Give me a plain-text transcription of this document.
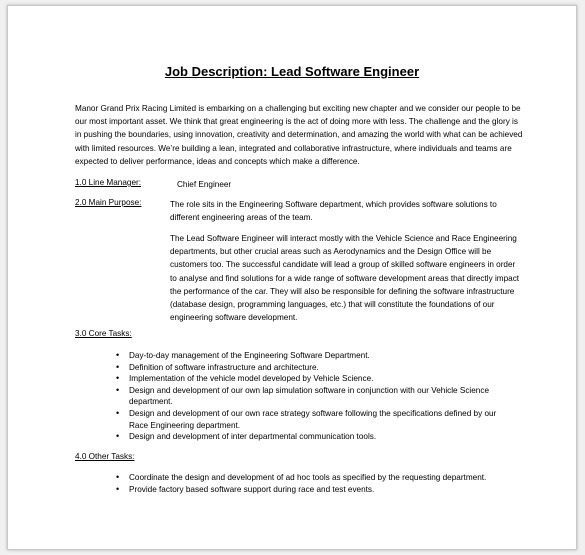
Job Description: Lead Software Engineer
Manor Grand Prix Racing Limited is embarking on a challenging but exciting new chapter and we consider our people to be our most important asset. We think that great engineering is the act of doing more with less. The challenge and the glory is in pushing the boundaries, using innovation, creativity and determination, and amazing the world with what can be achieved with limited resources. We’re building a lean, integrated and collaborative infrastructure, where individuals and teams are expected to deliver performance, ideas and concepts which make a difference.
1.0 Line Manager:	Chief Engineer
2.0 Main Purpose:	The role sits in the Engineering Software department, which provides software solutions to different engineering areas of the team.
The Lead Software Engineer will interact mostly with the Vehicle Science and Race Engineering departments, but other crucial areas such as Aerodynamics and the Design Office will be customers too. The successful candidate will lead a group of skilled software engineers in order to analyse and find solutions for a wide range of software development areas that directly impact the performance of the car. They will also be responsible for defining the software infrastructure (database design, programming languages, etc.) that will constitute the foundations of our engineering software development.
3.0 Core Tasks:
• Day-to-day management of the Engineering Software Department.
• Definition of software infrastructure and architecture.
• Implementation of the vehicle model developed by Vehicle Science.
• Design and development of our own lap simulation software in conjunction with our Vehicle Science department.
• Design and development of our own race strategy software following the specifications defined by our Race Engineering department.
• Design and development of inter departmental communication tools.
4.0 Other Tasks:
• Coordinate the design and development of ad hoc tools as specified by the requesting department.
• Provide factory based software support during race and test events.
